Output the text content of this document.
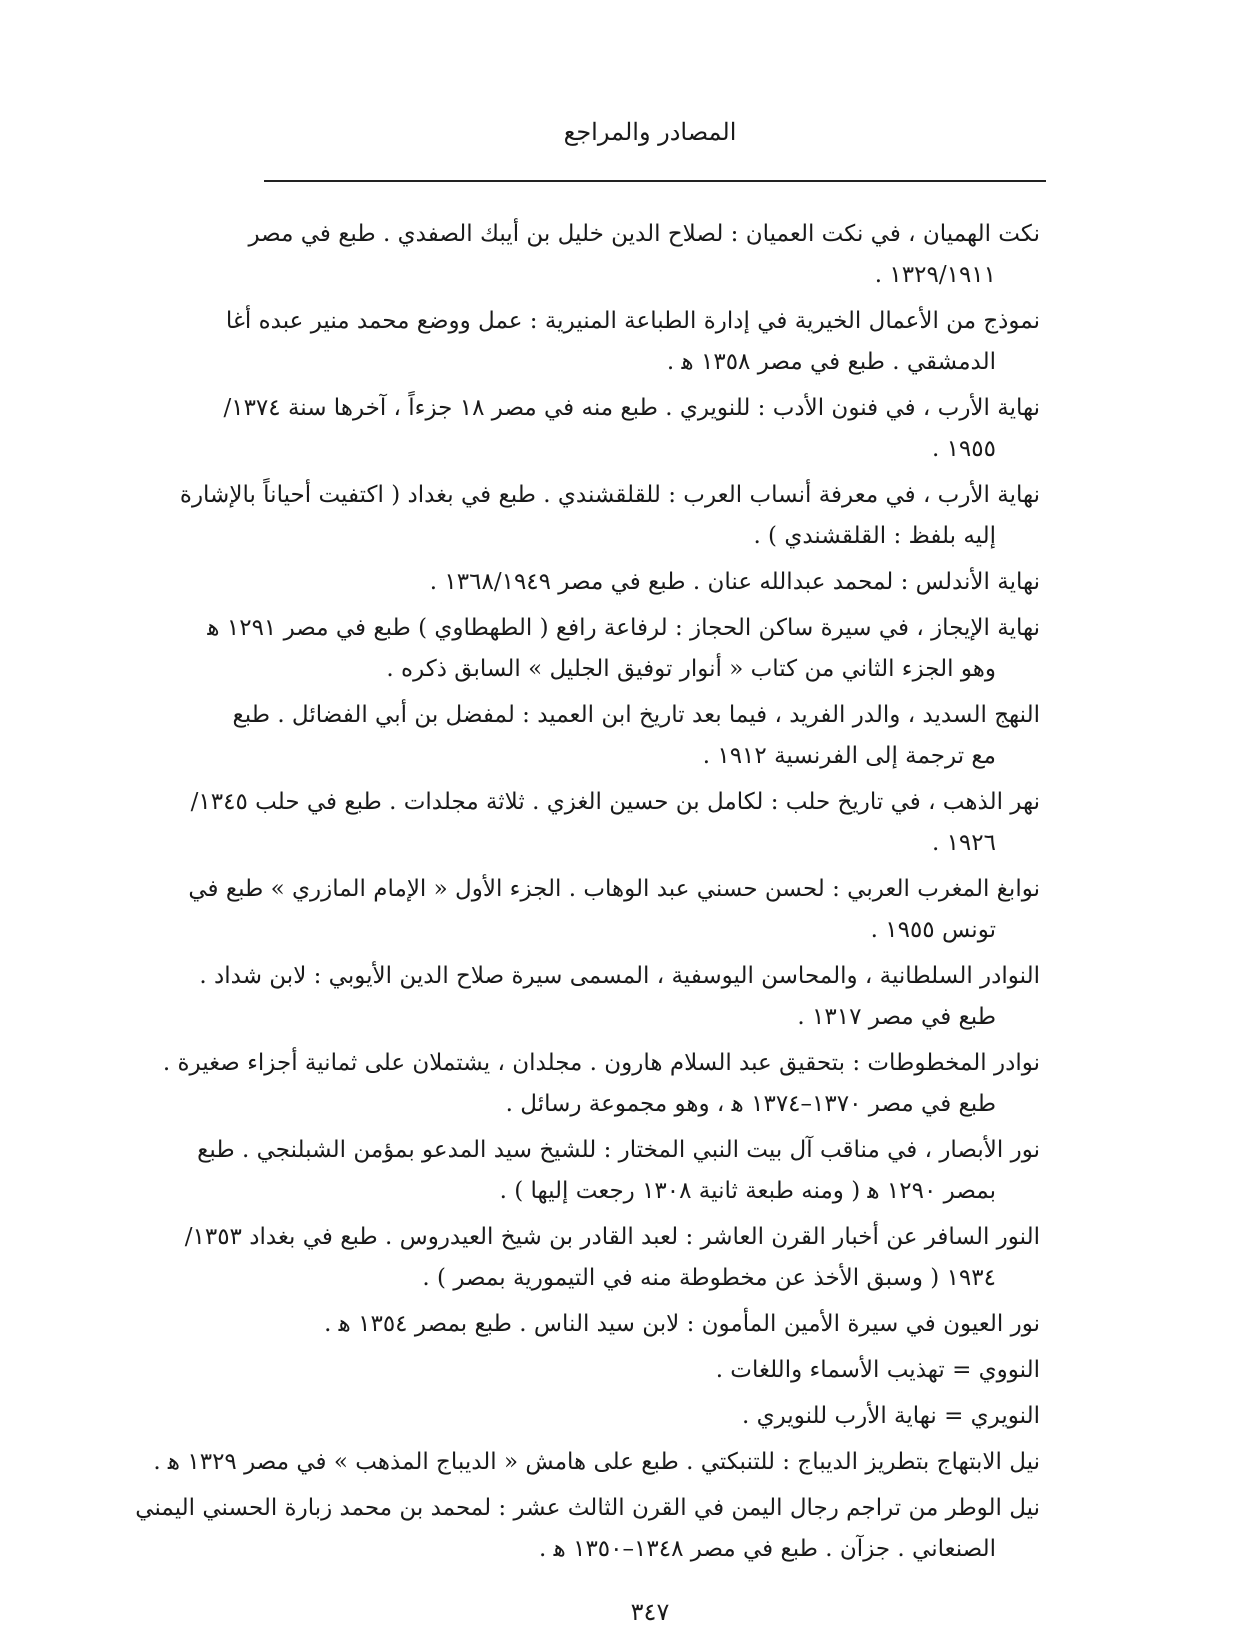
المصادر والمراجع
نكت الهميان ، في نكت العميان : لصلاح الدين خليل بن أيبك الصفدي . طبع في مصر
١٣٢٩/١٩١١ .
نموذج من الأعمال الخيرية في إدارة الطباعة المنيرية : عمل ووضع محمد منير عبده أغا
الدمشقي . طبع في مصر ١٣٥٨ ﻫ .
نهاية الأرب ، في فنون الأدب : للنويري . طبع منه في مصر ١٨ جزءاً ، آخرها سنة ١٣٧٤/
١٩٥٥ .
نهاية الأرب ، في معرفة أنساب العرب : للقلقشندي . طبع في بغداد ( اكتفيت أحياناً بالإشارة
إليه بلفظ : القلقشندي ) .
نهاية الأندلس : لمحمد عبدالله عنان . طبع في مصر ١٣٦٨/١٩٤٩ .
نهاية الإيجاز ، في سيرة ساكن الحجاز : لرفاعة رافع ( الطهطاوي ) طبع في مصر ١٢٩١ ﻫ
وهو الجزء الثاني من كتاب « أنوار توفيق الجليل » السابق ذكره .
النهج السديد ، والدر الفريد ، فيما بعد تاريخ ابن العميد : لمفضل بن أبي الفضائل . طبع
مع ترجمة إلى الفرنسية ١٩١٢ .
نهر الذهب ، في تاريخ حلب : لكامل بن حسين الغزي . ثلاثة مجلدات . طبع في حلب ١٣٤٥/
١٩٢٦ .
نوابغ المغرب العربي : لحسن حسني عبد الوهاب . الجزء الأول « الإمام المازري » طبع في
تونس ١٩٥٥ .
النوادر السلطانية ، والمحاسن اليوسفية ، المسمى سيرة صلاح الدين الأيوبي : لابن شداد .
طبع في مصر ١٣١٧ .
نوادر المخطوطات : بتحقيق عبد السلام هارون . مجلدان ، يشتملان على ثمانية أجزاء صغيرة .
طبع في مصر ١٣٧٠–١٣٧٤ ﻫ ، وهو مجموعة رسائل .
نور الأبصار ، في مناقب آل بيت النبي المختار : للشيخ سيد المدعو بمؤمن الشبلنجي . طبع
بمصر ١٢٩٠ ﻫ ( ومنه طبعة ثانية ١٣٠٨ رجعت إليها ) .
النور السافر عن أخبار القرن العاشر : لعبد القادر بن شيخ العيدروس . طبع في بغداد ١٣٥٣/
١٩٣٤ ( وسبق الأخذ عن مخطوطة منه في التيمورية بمصر ) .
نور العيون في سيرة الأمين المأمون : لابن سيد الناس . طبع بمصر ١٣٥٤ ﻫ .
النووي = تهذيب الأسماء واللغات .
النويري = نهاية الأرب للنويري .
نيل الابتهاج بتطريز الديباج : للتنبكتي . طبع على هامش « الديباج المذهب » في مصر ١٣٢٩ ﻫ .
نيل الوطر من تراجم رجال اليمن في القرن الثالث عشر : لمحمد بن محمد زبارة الحسني اليمني
الصنعاني . جزآن . طبع في مصر ١٣٤٨–١٣٥٠ ﻫ .
٣٤٧
